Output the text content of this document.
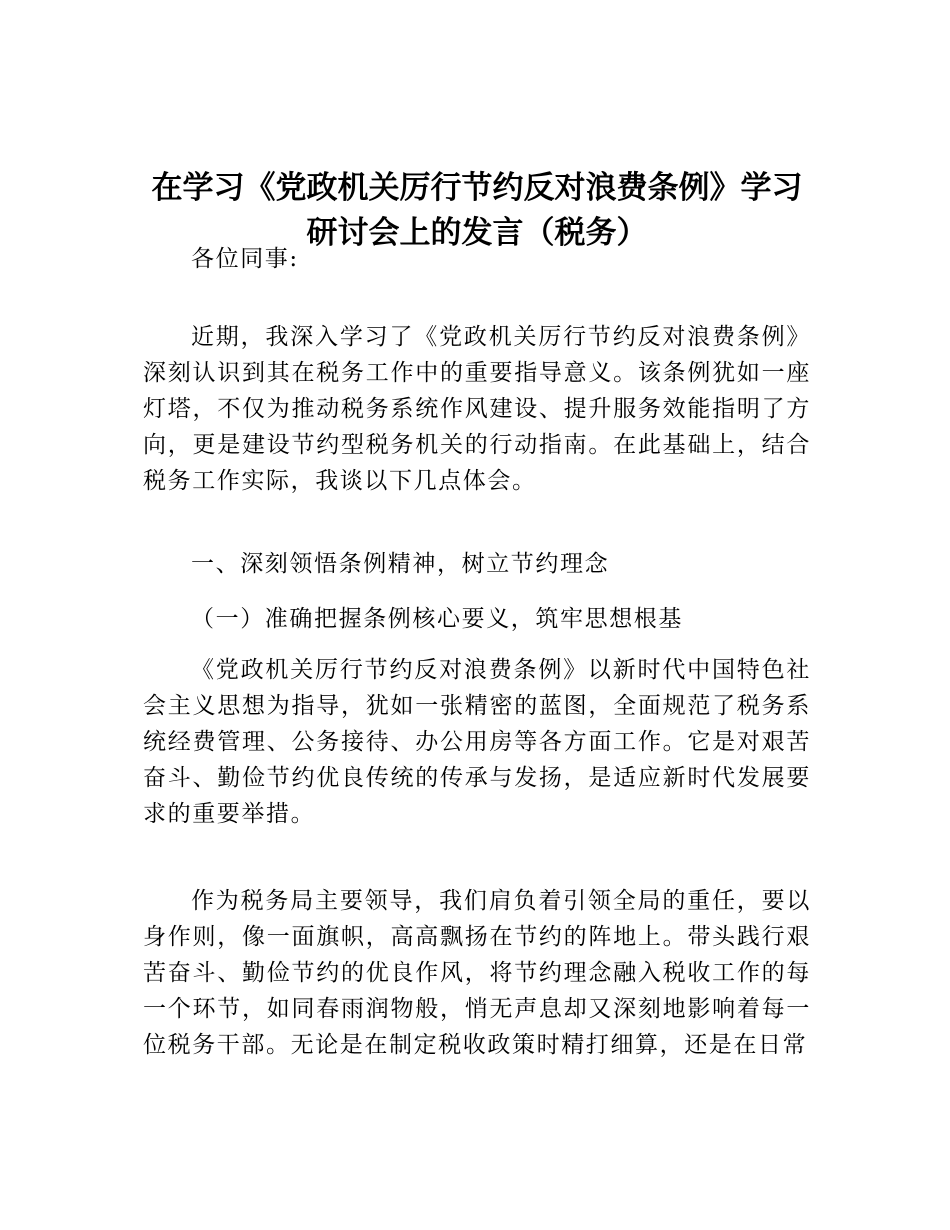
在学习《党政机关厉行节约反对浪费条例》学习研讨会上的发言（税务）

各位同事:

近期，我深入学习了《党政机关厉行节约反对浪费条例》深刻认识到其在税务工作中的重要指导意义。该条例犹如一座灯塔，不仅为推动税务系统作风建设、提升服务效能指明了方向，更是建设节约型税务机关的行动指南。在此基础上，结合税务工作实际，我谈以下几点体会。

一、深刻领悟条例精神，树立节约理念

（一）准确把握条例核心要义，筑牢思想根基

《党政机关厉行节约反对浪费条例》以新时代中国特色社会主义思想为指导，犹如一张精密的蓝图，全面规范了税务系统经费管理、公务接待、办公用房等各方面工作。它是对艰苦奋斗、勤俭节约优良传统的传承与发扬，是适应新时代发展要求的重要举措。

作为税务局主要领导，我们肩负着引领全局的重任，要以身作则，像一面旗帜，高高飘扬在节约的阵地上。带头践行艰苦奋斗、勤俭节约的优良作风，将节约理念融入税收工作的每一个环节，如同春雨润物般，悄无声息却又深刻地影响着每一位税务干部。无论是在制定税收政策时精打细算，还是在日常
